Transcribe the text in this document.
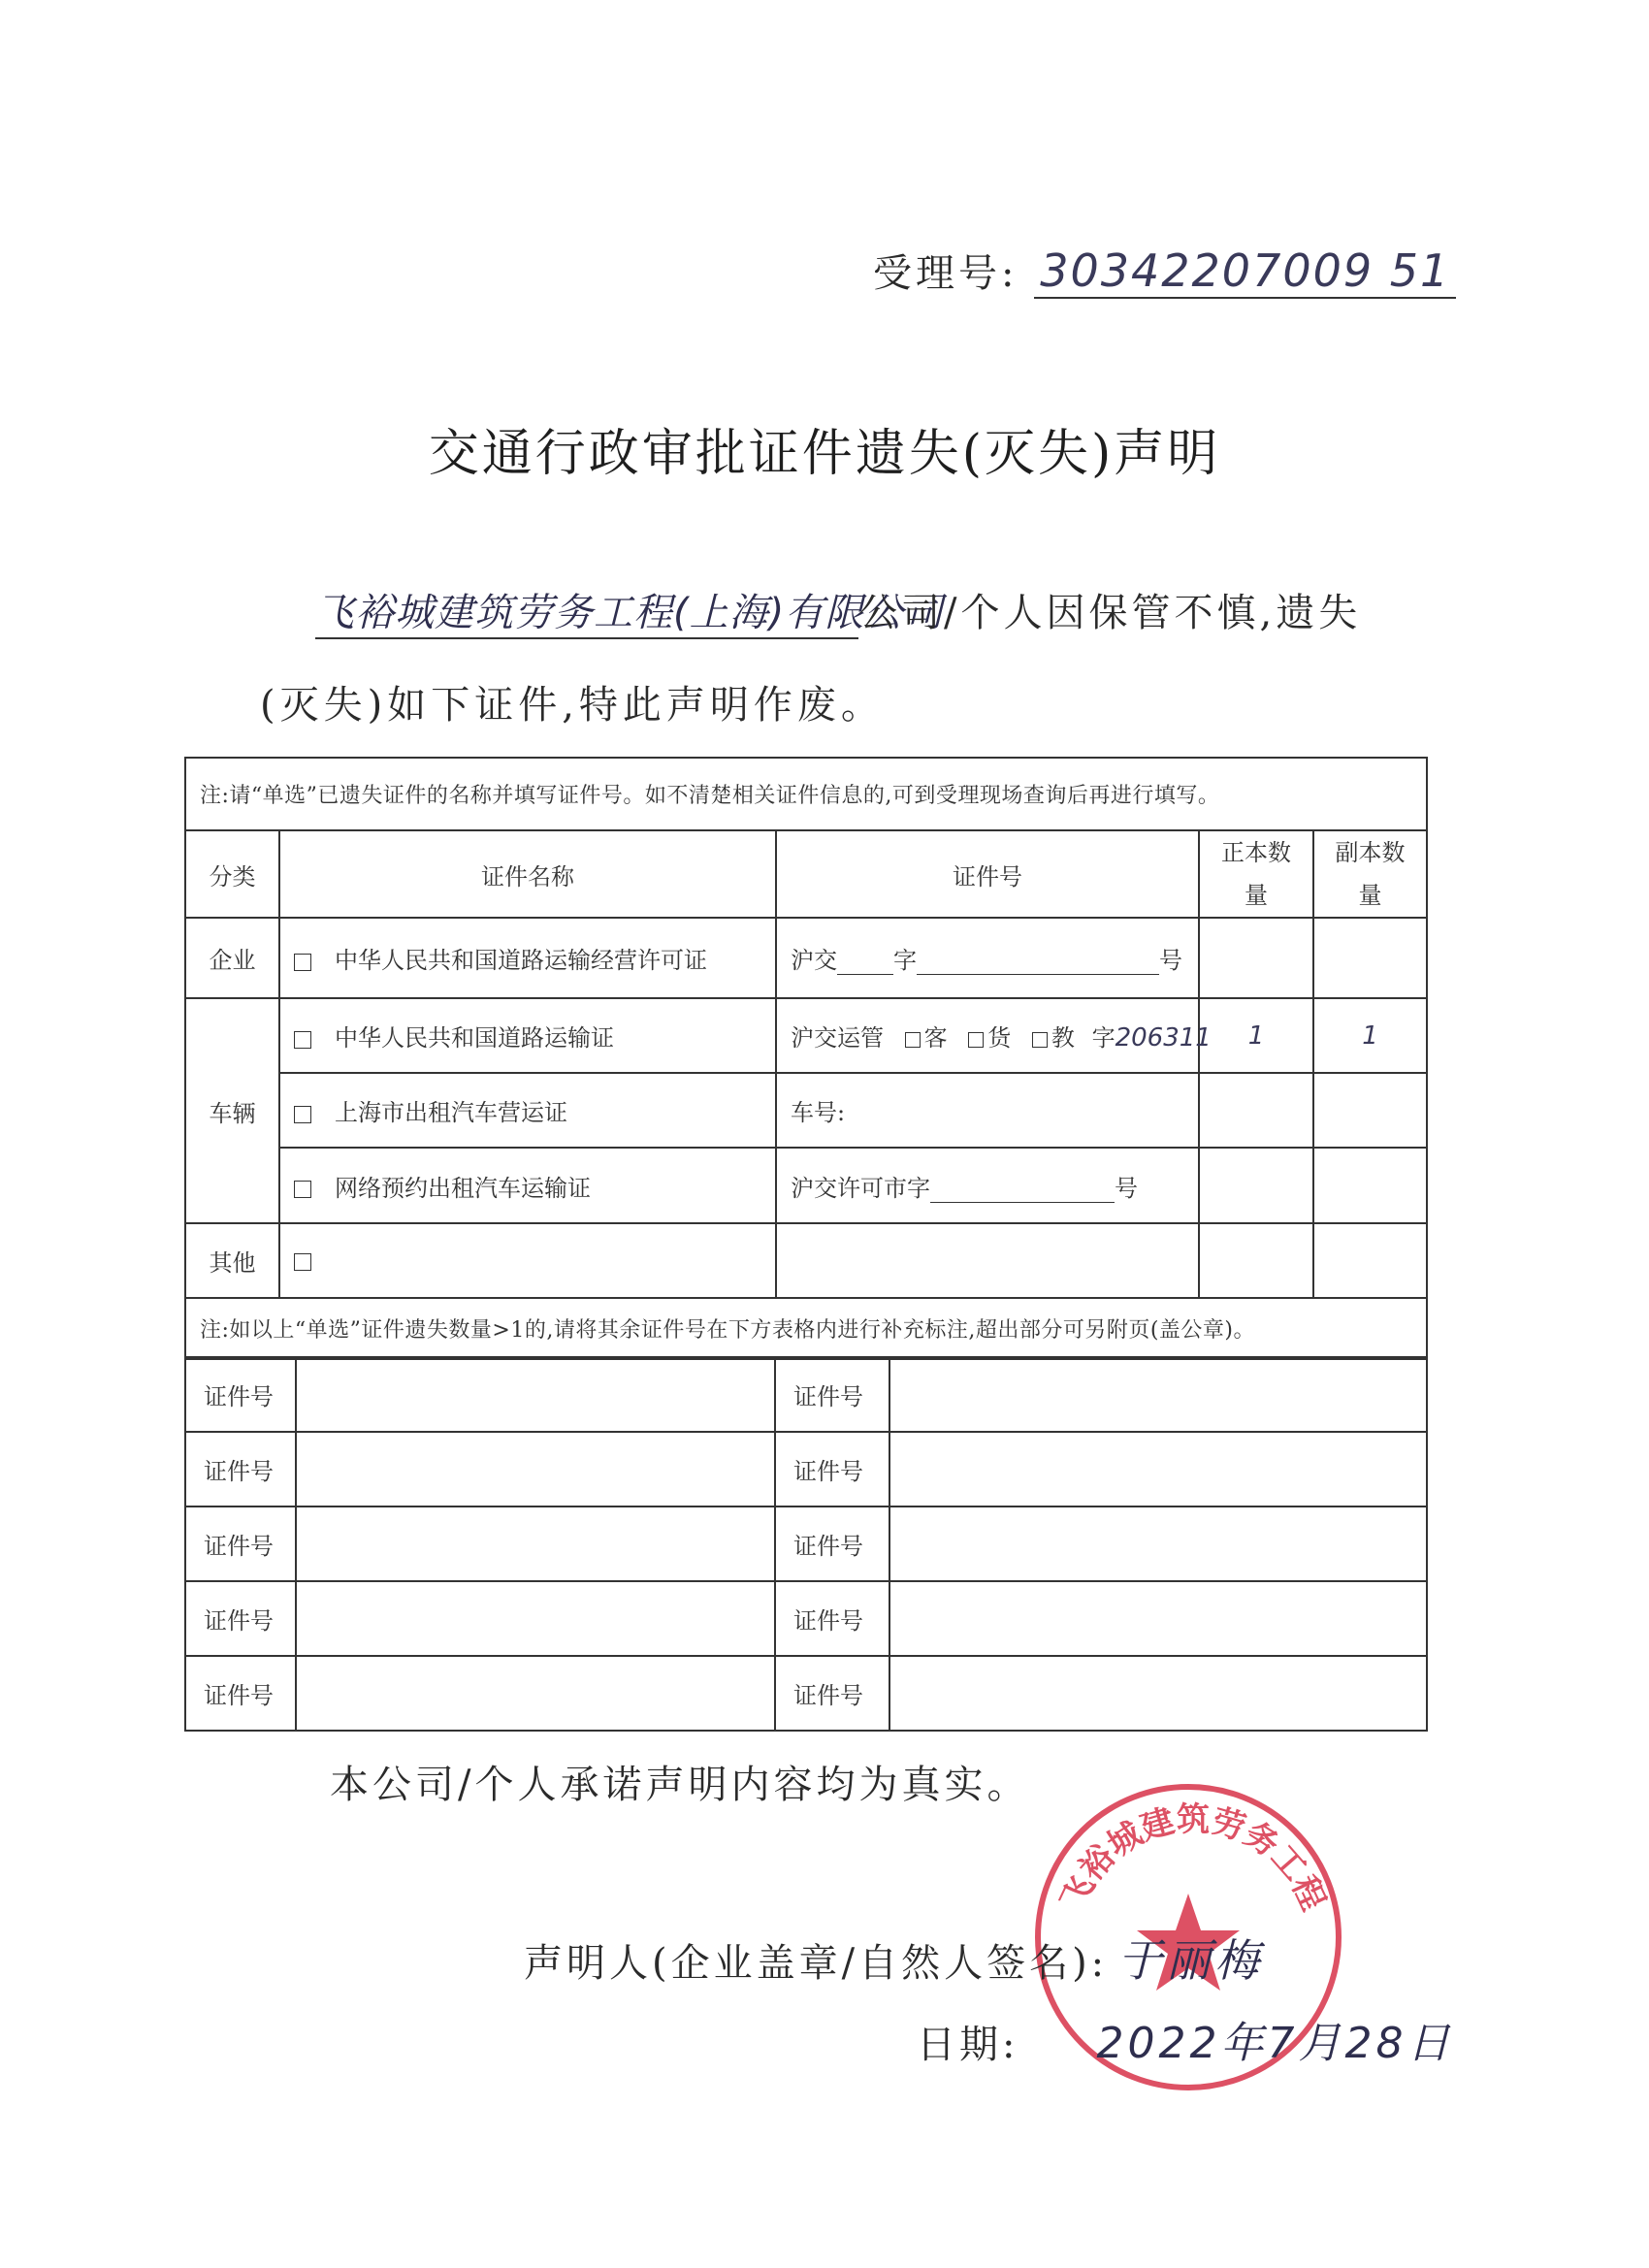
受理号: 30342207009 51
交通行政审批证件遗失(灭失)声明
飞裕城建筑劳务工程(上海)有限公司公司/个人因保管不慎,遗失
(灭失)如下证件,特此声明作废。
注:请“单选”已遗失证件的名称并填写证件号。如不清楚相关证件信息的,可到受理现场查询后再进行填写。				
分类	证件名称	证件号	正本数量	副本数量
企业	中华人民共和国道路运输经营许可证	沪交 字 号		
车辆	中华人民共和国道路运输证	沪交运管 客 货 教 字206311	1	1
	上海市出租汽车营运证	车号:		
	网络预约出租汽车运输证	沪交许可市字 号		
其他				
注:如以上“单选”证件遗失数量>1的,请将其余证件号在下方表格内进行补充标注,超出部分可另附页(盖公章)。				
证件号		证件号	
证件号		证件号	
证件号		证件号	
证件号		证件号	
证件号		证件号	
本公司/个人承诺声明内容均为真实。
飞裕城建筑劳务工程
声明人(企业盖章/自然人签名): 于丽梅
日期: 2022年7月28日
